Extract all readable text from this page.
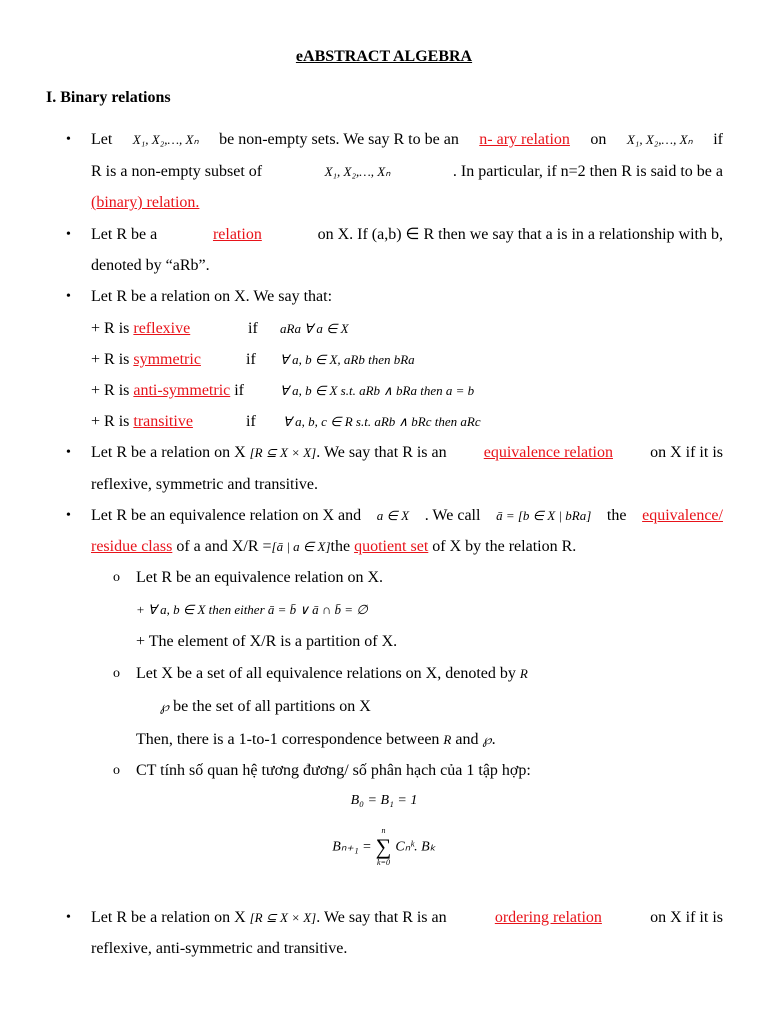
eABSTRACT ALGEBRA
I. Binary relations
• Let X₁, X₂,…, Xₙ be non-empty sets. We say R to be an n- ary relation on X₁, X₂,…, Xₙ if
R is a non-empty subset of	X₁, X₂,…, Xₙ	. In particular, if n=2 then R is said to be a
(binary) relation.
• Let R be a	relation	on X. If (a,b) ∈ R then we say that a is in a relationship with b,
denoted by “aRb”.
• Let R be a relation on X. We say that:
+ R is reflexive	if aRa ∀ a ∈ X
+ R is symmetric	if ∀ a, b ∈ X, aRb then bRa
+ R is anti-symmetric if	∀ a, b ∈ X s.t. aRb ∧ bRa then a = b
+ R is transitive	if ∀ a, b, c ∈ R s.t. aRb ∧ bRc then aRc
• Let R be a relation on X [R ⊆ X × X]. We say that R is an equivalence relation on X if it is
reflexive, symmetric and transitive.
• Let R be an equivalence relation on X and a ∈ X . We call ā = [b ∈ X | bRa] the equivalence/
residue class of a and X/R =[ā | a ∈ X]the quotient set of X by the relation R.
o Let R be an equivalence relation on X.
+ ∀ a, b ∈ X then either ā = b̄ ∨ ā ∩ b̄ = ∅
+ The element of X/R is a partition of X.
o Let X be a set of all equivalence relations on X, denoted by R
℘ be the set of all partitions on X
Then, there is a 1-to-1 correspondence between R and ℘.
o CT tính số quan hệ tương đương/ số phân hạch của 1 tập hợp:
B₀ = B₁ = 1
Bₙ₊₁ =
n
∑
k=0
Cₙᵏ. Bₖ
• Let R be a relation on X [R ⊆ X × X]. We say that R is an	ordering relation	on X if it is
reflexive, anti-symmetric and transitive.
